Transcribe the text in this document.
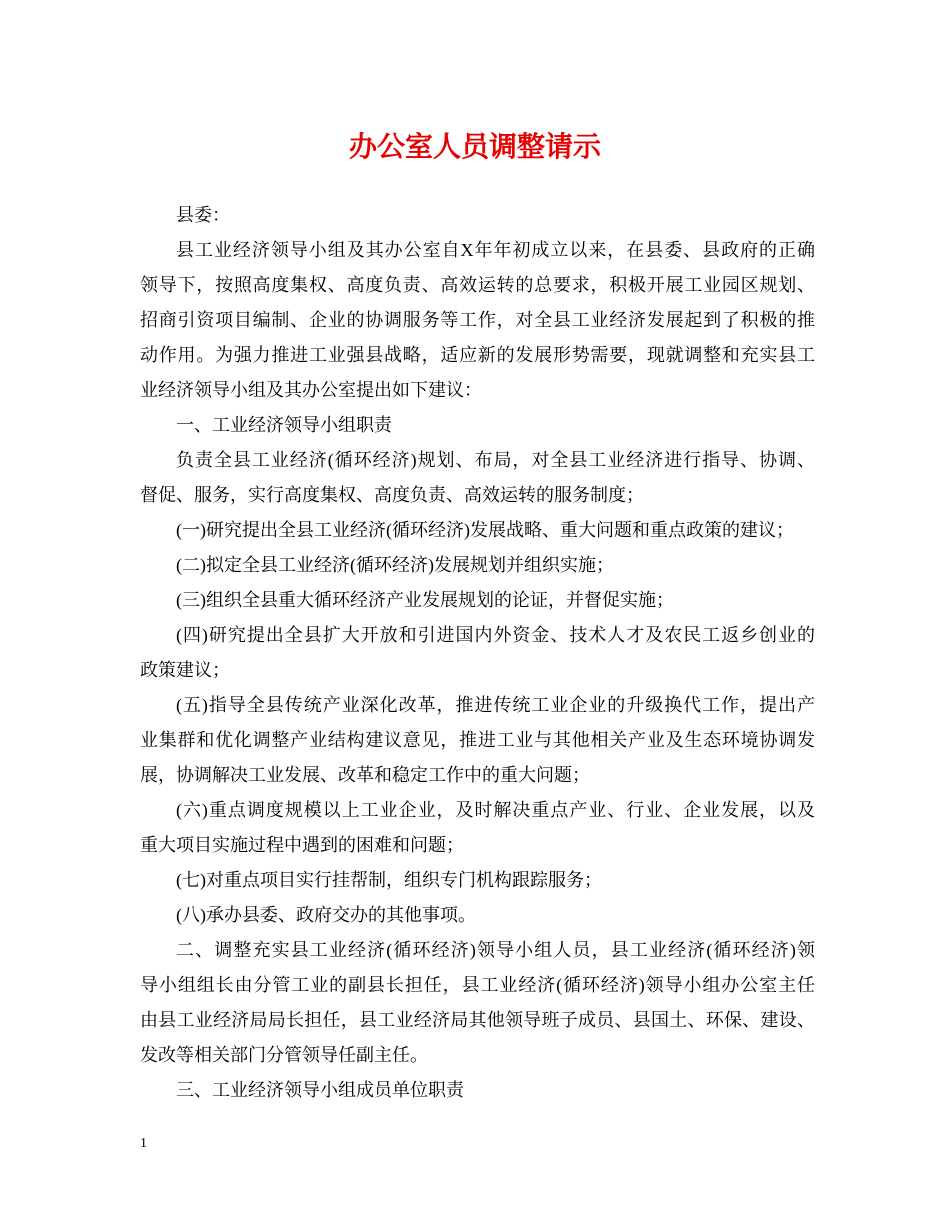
办公室人员调整请示
县委：
县工业经济领导小组及其办公室自X年年初成立以来，在县委、县政府的正确
领导下，按照高度集权、高度负责、高效运转的总要求，积极开展工业园区规划、
招商引资项目编制、企业的协调服务等工作，对全县工业经济发展起到了积极的推
动作用。为强力推进工业强县战略，适应新的发展形势需要，现就调整和充实县工
业经济领导小组及其办公室提出如下建议：
一、工业经济领导小组职责
负责全县工业经济(循环经济)规划、布局，对全县工业经济进行指导、协调、
督促、服务，实行高度集权、高度负责、高效运转的服务制度；
(一)研究提出全县工业经济(循环经济)发展战略、重大问题和重点政策的建议；
(二)拟定全县工业经济(循环经济)发展规划并组织实施；
(三)组织全县重大循环经济产业发展规划的论证，并督促实施；
(四)研究提出全县扩大开放和引进国内外资金、技术人才及农民工返乡创业的
政策建议；
(五)指导全县传统产业深化改革，推进传统工业企业的升级换代工作，提出产
业集群和优化调整产业结构建议意见，推进工业与其他相关产业及生态环境协调发
展，协调解决工业发展、改革和稳定工作中的重大问题；
(六)重点调度规模以上工业企业，及时解决重点产业、行业、企业发展，以及
重大项目实施过程中遇到的困难和问题；
(七)对重点项目实行挂帮制，组织专门机构跟踪服务；
(八)承办县委、政府交办的其他事项。
二、调整充实县工业经济(循环经济)领导小组人员，县工业经济(循环经济)领
导小组组长由分管工业的副县长担任，县工业经济(循环经济)领导小组办公室主任
由县工业经济局局长担任，县工业经济局其他领导班子成员、县国土、环保、建设、
发改等相关部门分管领导任副主任。
三、工业经济领导小组成员单位职责
1
